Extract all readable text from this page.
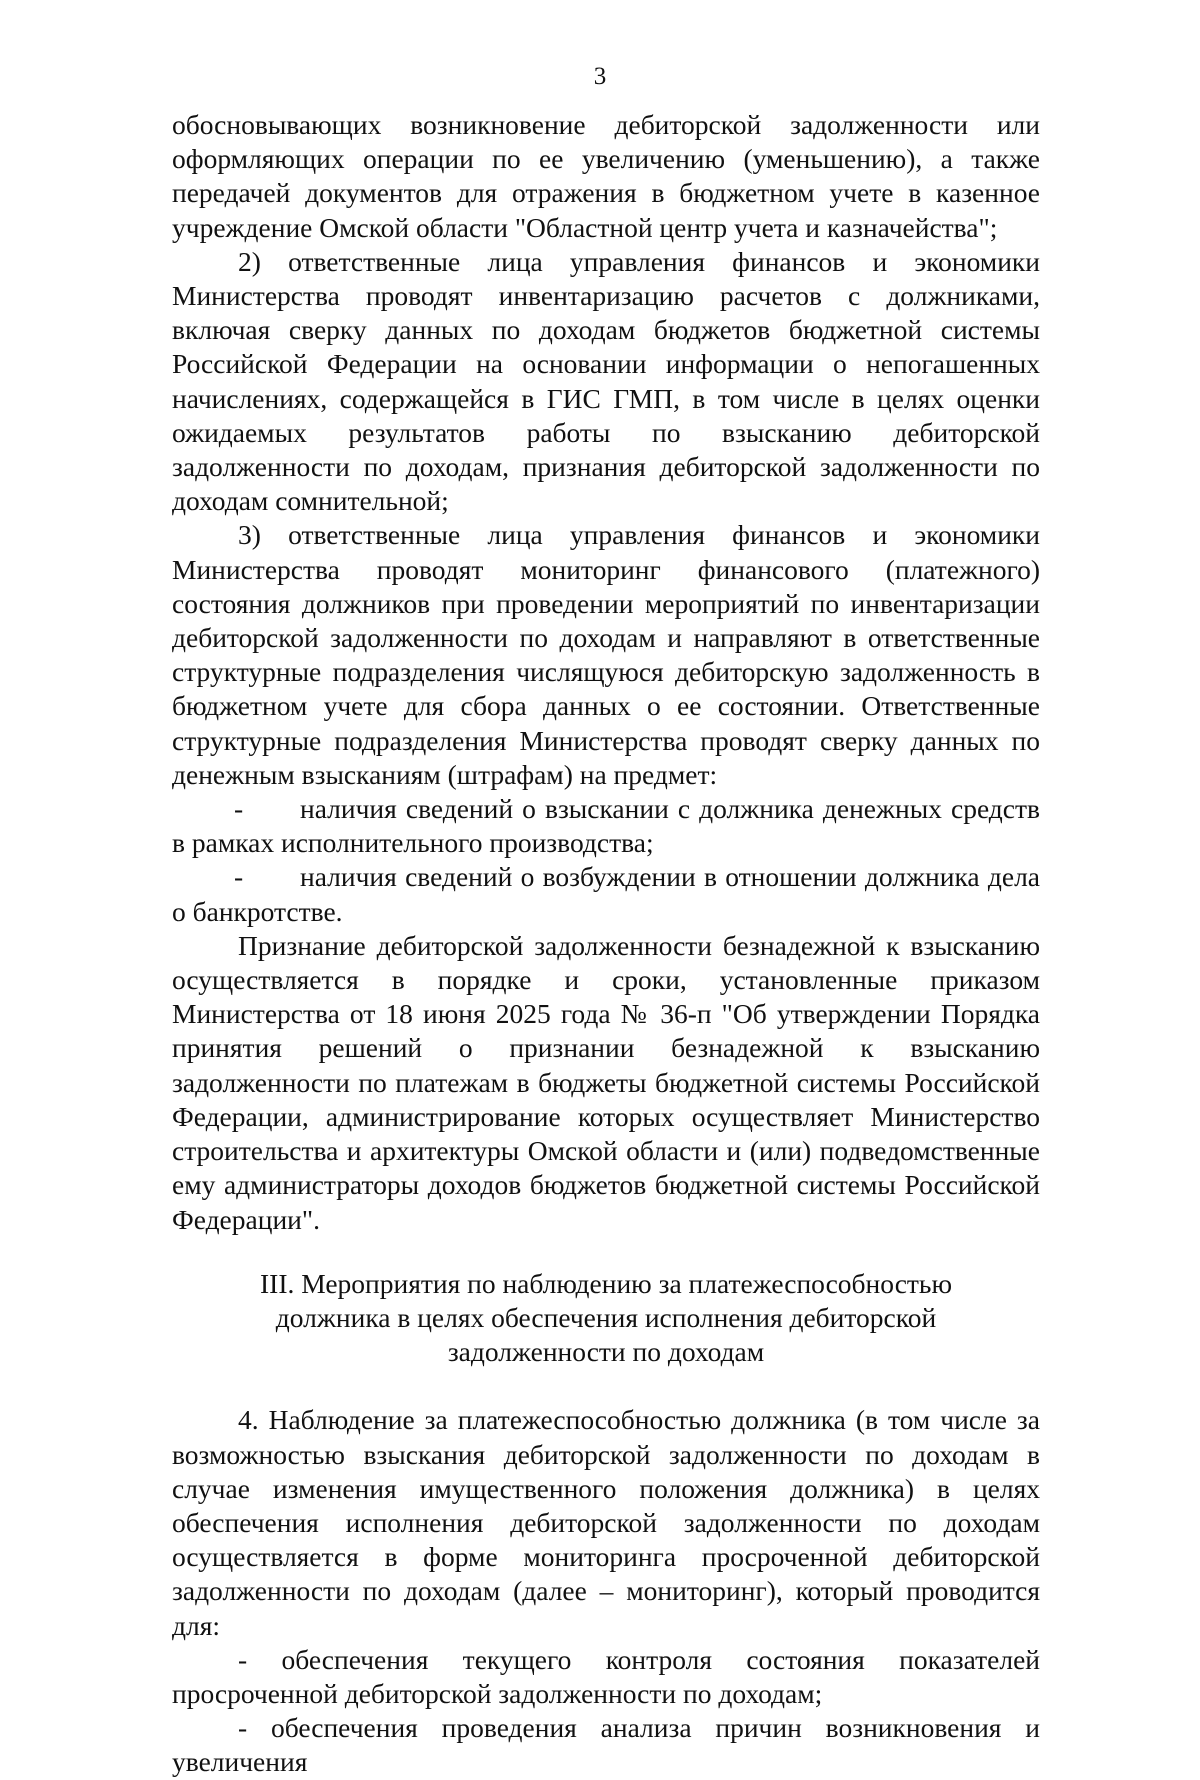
3

обосновывающих возникновение дебиторской задолженности или оформляющих операции по ее увеличению (уменьшению), а также передачей документов для отражения в бюджетном учете в казенное учреждение Омской области "Областной центр учета и казначейства";

2) ответственные лица управления финансов и экономики Министерства проводят инвентаризацию расчетов с должниками, включая сверку данных по доходам бюджетов бюджетной системы Российской Федерации на основании информации о непогашенных начислениях, содержащейся в ГИС ГМП, в том числе в целях оценки ожидаемых результатов работы по взысканию дебиторской задолженности по доходам, признания дебиторской задолженности по доходам сомнительной;

3) ответственные лица управления финансов и экономики Министерства проводят мониторинг финансового (платежного) состояния должников при проведении мероприятий по инвентаризации дебиторской задолженности по доходам и направляют в ответственные структурные подразделения числящуюся дебиторскую задолженность в бюджетном учете для сбора данных о ее состоянии. Ответственные структурные подразделения Министерства проводят сверку данных по денежным взысканиям (штрафам) на предмет:

- наличия сведений о взыскании с должника денежных средств в рамках исполнительного производства;

- наличия сведений о возбуждении в отношении должника дела о банкротстве.

Признание дебиторской задолженности безнадежной к взысканию осуществляется в порядке и сроки, установленные приказом Министерства от 18 июня 2025 года № 36-п "Об утверждении Порядка принятия решений о признании безнадежной к взысканию задолженности по платежам в бюджеты бюджетной системы Российской Федерации, администрирование которых осуществляет Министерство строительства и архитектуры Омской области и (или) подведомственные ему администраторы доходов бюджетов бюджетной системы Российской Федерации".

III. Мероприятия по наблюдению за платежеспособностью должника в целях обеспечения исполнения дебиторской задолженности по доходам

4. Наблюдение за платежеспособностью должника (в том числе за возможностью взыскания дебиторской задолженности по доходам в случае изменения имущественного положения должника) в целях обеспечения исполнения дебиторской задолженности по доходам осуществляется в форме мониторинга просроченной дебиторской задолженности по доходам (далее – мониторинг), который проводится для:

- обеспечения текущего контроля состояния показателей просроченной дебиторской задолженности по доходам;

- обеспечения проведения анализа причин возникновения и увеличения
